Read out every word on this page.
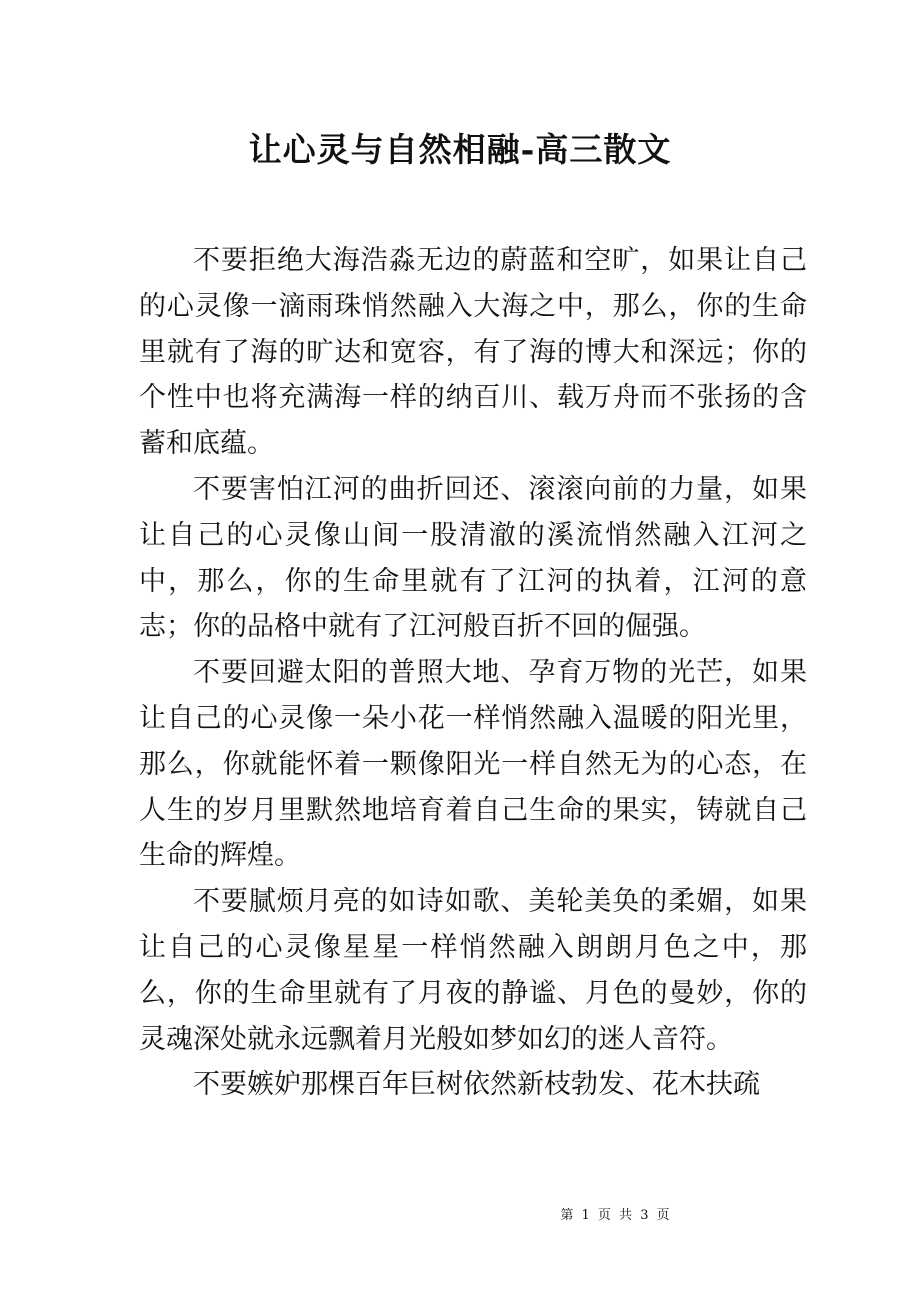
让心灵与自然相融-高三散文

不要拒绝大海浩淼无边的蔚蓝和空旷，如果让自己的心灵像一滴雨珠悄然融入大海之中，那么，你的生命里就有了海的旷达和宽容，有了海的博大和深远；你的个性中也将充满海一样的纳百川、载万舟而不张扬的含蓄和底蕴。

不要害怕江河的曲折回还、滚滚向前的力量，如果让自己的心灵像山间一股清澈的溪流悄然融入江河之中，那么，你的生命里就有了江河的执着，江河的意志；你的品格中就有了江河般百折不回的倔强。

不要回避太阳的普照大地、孕育万物的光芒，如果让自己的心灵像一朵小花一样悄然融入温暖的阳光里，那么，你就能怀着一颗像阳光一样自然无为的心态，在人生的岁月里默然地培育着自己生命的果实，铸就自己生命的辉煌。

不要腻烦月亮的如诗如歌、美轮美奂的柔媚，如果让自己的心灵像星星一样悄然融入朗朗月色之中，那么，你的生命里就有了月夜的静谧、月色的曼妙，你的灵魂深处就永远飘着月光般如梦如幻的迷人音符。

不要嫉妒那棵百年巨树依然新枝勃发、花木扶疏

第 1 页 共 3 页
